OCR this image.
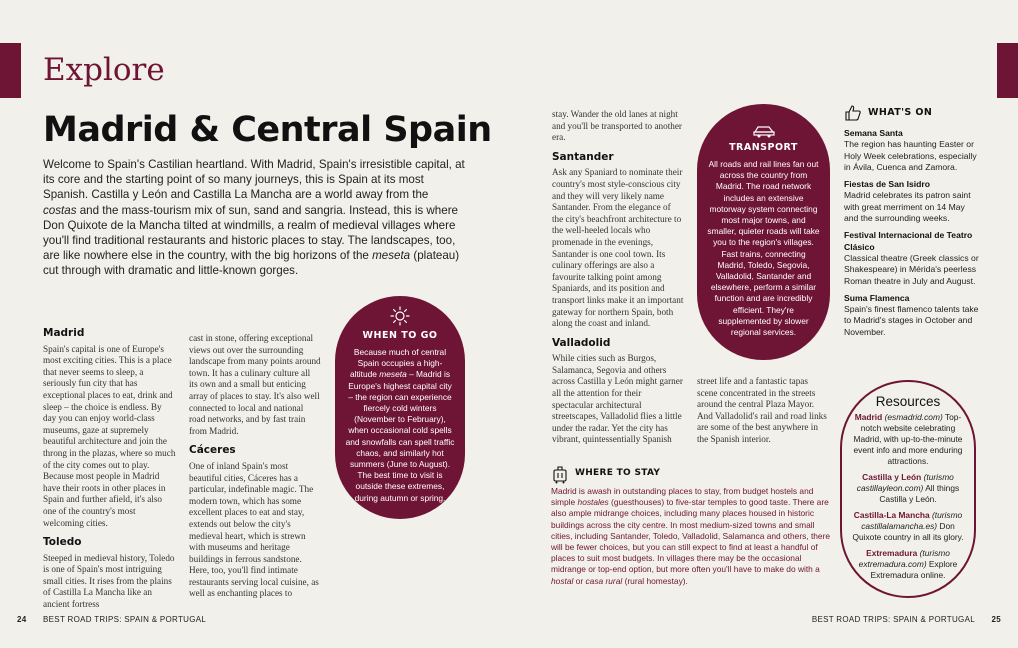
Explore
Madrid & Central Spain
Welcome to Spain's Castilian heartland. With Madrid, Spain's irresistible capital, at its core and the starting point of so many journeys, this is Spain at its most Spanish. Castilla y León and Castilla La Mancha are a world away from the costas and the mass-tourism mix of sun, sand and sangria. Instead, this is where Don Quixote de la Mancha tilted at windmills, a realm of medieval villages where you'll find traditional restaurants and historic places to stay. The landscapes, too, are like nowhere else in the country, with the big horizons of the meseta (plateau) cut through with dramatic and little-known gorges.
Madrid

Spain's capital is one of Europe's most exciting cities. This is a place that never seems to sleep, a seriously fun city that has exceptional places to eat, drink and sleep – the choice is endless. By day you can enjoy world-class museums, gaze at supremely beautiful architecture and join the throng in the plazas, where so much of the city comes out to play. Because most people in Madrid have their roots in other places in Spain and further afield, it's also one of the country's most welcoming cities.

Toledo

Steeped in medieval history, Toledo is one of Spain's most intriguing small cities. It rises from the plains of Castilla La Mancha like an ancient fortress

cast in stone, offering exceptional views out over the surrounding landscape from many points around town. It has a culinary culture all its own and a small but enticing array of places to stay. It's also well connected to local and national road networks, and by fast train from Madrid.

Cáceres

One of inland Spain's most beautiful cities, Cáceres has a particular, indefinable magic. The modern town, which has some excellent places to eat and stay, extends out below the city's medieval heart, which is strewn with museums and heritage buildings in ferrous sandstone. Here, too, you'll find intimate restaurants serving local cuisine, as well as enchanting places to

WHEN TO GO
Because much of central Spain occupies a high-altitude meseta – Madrid is Europe's highest capital city – the region can experience fiercely cold winters (November to February), when occasional cold spells and snowfalls can spell traffic chaos, and similarly hot summers (June to August). The best time to visit is outside these extremes, during autumn or spring.

stay. Wander the old lanes at night and you'll be transported to another era.

Santander

Ask any Spaniard to nominate their country's most style-conscious city and they will very likely name Santander. From the elegance of the city's beachfront architecture to the well-heeled locals who promenade in the evenings, Santander is one cool town. Its culinary offerings are also a favourite talking point among Spaniards, and its position and transport links make it an important gateway for northern Spain, both along the coast and inland.

Valladolid

While cities such as Burgos, Salamanca, Segovia and others across Castilla y León might garner all the attention for their spectacular architectural streetscapes, Valladolid flies a little under the radar. Yet the city has vibrant, quintessentially Spanish

street life and a fantastic tapas scene concentrated in the streets around the central Plaza Mayor. And Valladolid's rail and road links are some of the best anywhere in the Spanish interior.

TRANSPORT
All roads and rail lines fan out across the country from Madrid. The road network includes an extensive motorway system connecting most major towns, and smaller, quieter roads will take you to the region's villages. Fast trains, connecting Madrid, Toledo, Segovia, Valladolid, Santander and elsewhere, perform a similar function and are incredibly efficient. They're supplemented by slower regional services.
WHAT'S ON
Semana Santa
The region has haunting Easter or Holy Week celebrations, especially in Ávila, Cuenca and Zamora.
Fiestas de San Isidro
Madrid celebrates its patron saint with great merriment on 14 May and the surrounding weeks.
Festival Internacional de Teatro Clásico
Classical theatre (Greek classics or Shakespeare) in Mérida's peerless Roman theatre in July and August.
Suma Flamenca
Spain's finest flamenco talents take to Madrid's stages in October and November.
Resources
Madrid (esmadrid.com) Top-notch website celebrating Madrid, with up-to-the-minute event info and more enduring attractions.
Castilla y León (turismo castillayleon.com) All things Castilla y León.
Castilla-La Mancha (turismo castillalamancha.es) Don Quixote country in all its glory.
Extremadura (turismo extremadura.com) Explore Extremadura online.
WHERE TO STAY
Madrid is awash in outstanding places to stay, from budget hostels and simple hostales (guesthouses) to five-star temples to good taste. There are also ample midrange choices, including many places housed in historic buildings across the city centre. In most medium-sized towns and small cities, including Santander, Toledo, Valladolid, Salamanca and others, there will be fewer choices, but you can still expect to find at least a handful of places to suit most budgets. In villages there may be the occasional midrange or top-end option, but more often you'll have to make do with a hostal or casa rural (rural homestay).
24 BEST ROAD TRIPS: SPAIN & PORTUGAL	BEST ROAD TRIPS: SPAIN & PORTUGAL 25
